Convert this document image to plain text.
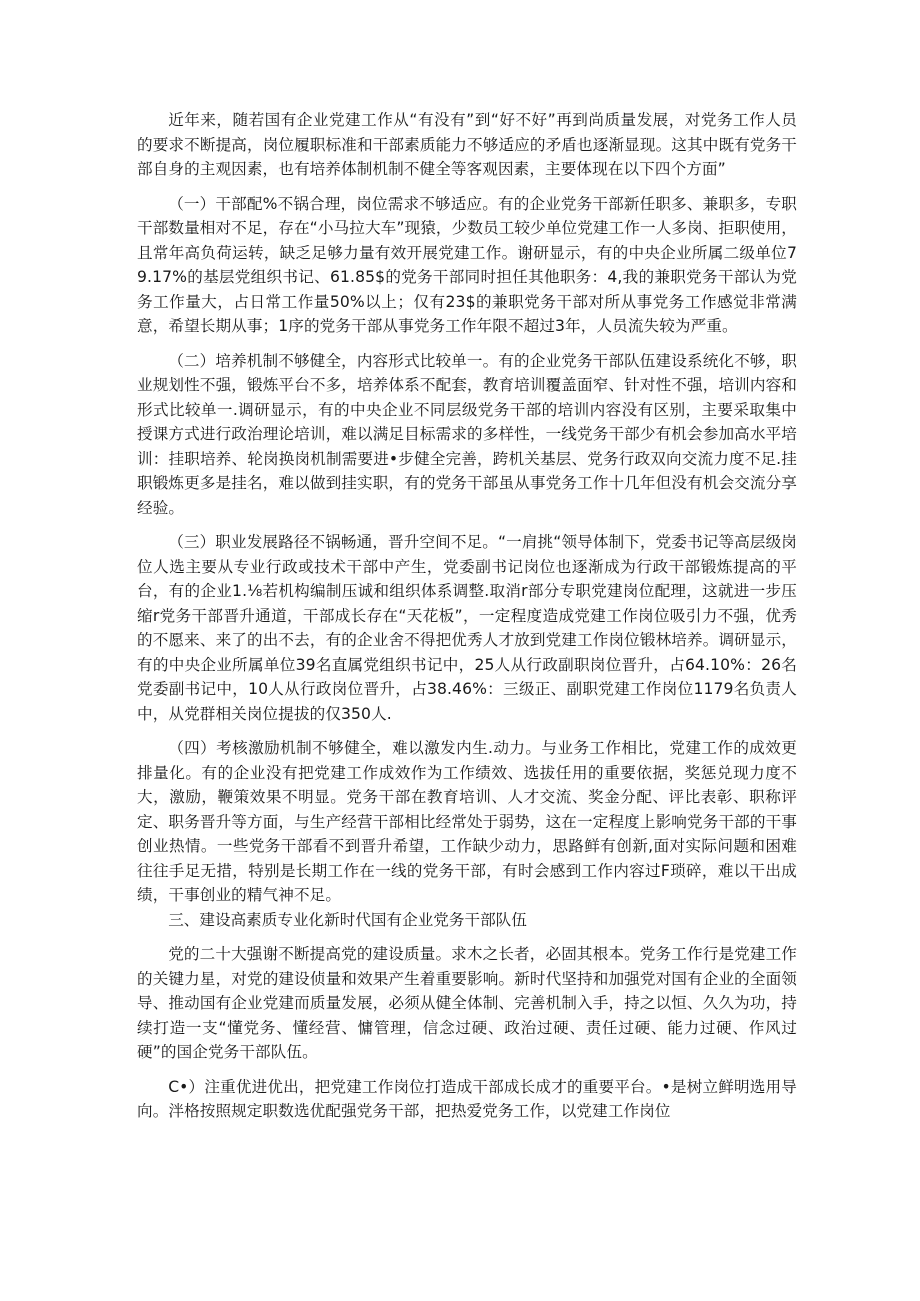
近年来，随若国有企业党建工作从“有没有”到“好不好”再到尚质量发展，对党务工作人员的要求不断提高，岗位履职标准和干部素质能力不够适应的矛盾也逐渐显现。这其中既有党务干部自身的主观因素，也有培养体制机制不健全等客观因素，主要体现在以下四个方面”

（一）干部配%不锅合理，岗位需求不够适应。有的企业党务干部新任职多、兼职多，专职干部数量相对不足，存在“小马拉大车”现猿，少数员工较少单位党建工作一人多岗、拒职使用，且常年高负荷运转，缺乏足够力量有效开展党建工作。谢研显示，有的中央企业所属二级单位79.17%的基层党组织书记、61.85$的党务干部同时担任其他职务：4,我的兼职党务干部认为党务工作量大，占日常工作量50%以上；仅有23$的兼职党务干部对所从事党务工作感觉非常满意，希望长期从事；1序的党务干部从事党务工作年限不超过3年，人员流失较为严重。

（二）培养机制不够健全，内容形式比较单一。有的企业党务干部队伍建设系统化不够，职业规划性不强，锻炼平台不多，培养体系不配套，教育培训覆盖面窄、针对性不强，培训内容和形式比较单一.调研显示，有的中央企业不同层级党务干部的培训内容没有区别，主要采取集中授课方式进行政治理论培训，难以满足目标需求的多样性，一线党务干部少有机会参加高水平培训：挂职培养、轮岗换岗机制需要进•步健全完善，跨机关基层、党务行政双向交流力度不足.挂职锻炼更多是挂名，难以做到挂实职，有的党务干部虽从事党务工作十几年但没有机会交流分享经验。

（三）职业发展路径不锅畅通，晋升空间不足。“一肩挑“领导体制下，党委书记等高层级岗位人选主要从专业行政或技术干部中产生，党委副书记岗位也逐渐成为行政干部锻炼提高的平台，有的企业1.⅛若机构编制压诚和组织体系调整.取消r部分专职党建岗位配理，这就进一步压缩r党务干部晋升通道，干部成长存在“天花板”，一定程度造成党建工作岗位吸引力不强，优秀的不愿来、来了的出不去，有的企业舍不得把优秀人才放到党建工作岗位锻林培养。调研显示，有的中央企业所属单位39名直属党组织书记中，25人从行政副职岗位晋升，占64.10%：26名党委副书记中，10人从行政岗位晋升，占38.46%：三级正、副职党建工作岗位1179名负责人中，从党群相关岗位提拔的仅350人.

（四）考核激励机制不够健全，难以激发内生.动力。与业务工作相比，党建工作的成效更排量化。有的企业没有把党建工作成效作为工作绩效、选拔任用的重要依据，奖惩兑现力度不大，激励，鞭策效果不明显。党务干部在教育培训、人才交流、奖金分配、评比表彰、职称评定、职务晋升等方面，与生产经营干部相比经常处于弱势，这在一定程度上影响党务干部的干事创业热情。一些党务干部看不到晋升希望，工作缺少动力，思路鲜有创新,面对实际问题和困难往往手足无措，特别是长期工作在一线的党务干部，有时会感到工作内容过F琐碎，难以干出成绩，干事创业的精气神不足。

三、建设高素质专业化新时代国有企业党务干部队伍

党的二十大强谢不断提高党的建设质量。求木之长者，必固其根本。党务工作行是党建工作的关键力星，对党的建设侦量和效果产生着重要影响。新时代坚持和加强党对国有企业的全面领导、推动国有企业党建而质量发展，必须从健全体制、完善机制入手，持之以恒、久久为功，持续打造一支“懂党务、懂经营、慵管理，信念过硬、政治过硬、责任过硬、能力过硬、作风过硬”的国企党务干部队伍。

C•）注重优进优出，把党建工作岗位打造成干部成长成才的重要平台。•是树立鲜明选用导向。泮格按照规定职数选优配强党务干部，把热爱党务工作，以党建工作岗位
